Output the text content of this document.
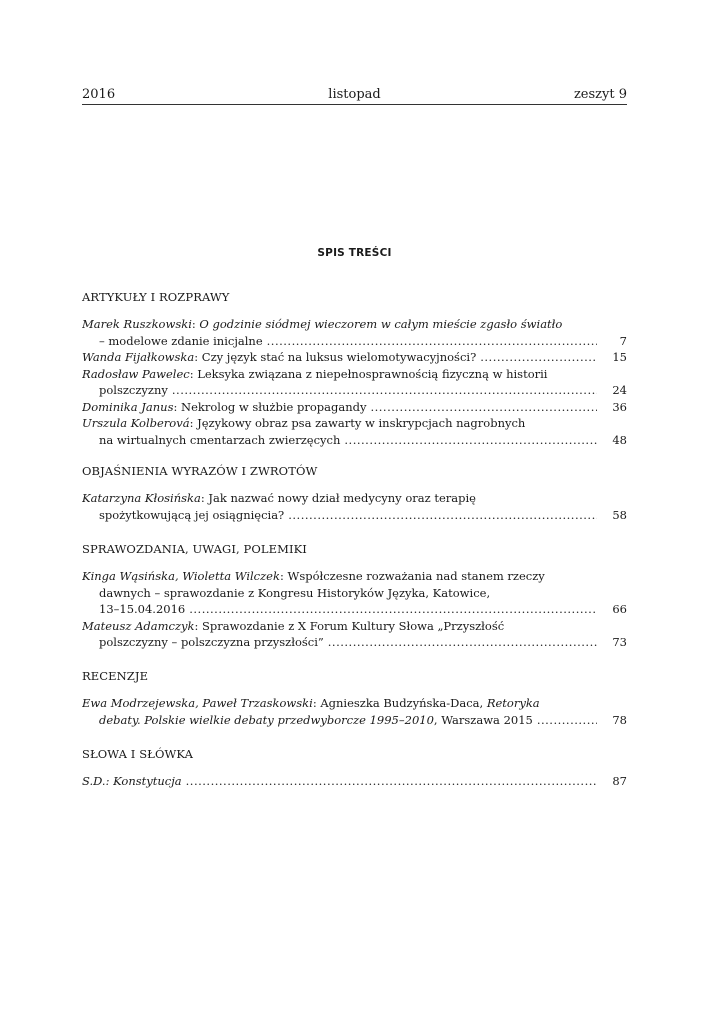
2016	listopad	zeszyt 9
SPIS TREŚCI
ARTYKUŁY I ROZPRAWY
Marek Ruszkowski: O godzinie siódmej wieczorem w całym mieście zgasło światło
– modelowe zdanie inicjalne .....	7
Wanda Fijałkowska: Czy język stać na luksus wielomotywacyjności? .....	15
Radosław Pawelec: Leksyka związana z niepełnosprawnością fizyczną w historii
polszczyzny .....	24
Dominika Janus: Nekrolog w służbie propagandy .....	36
Urszula Kolberová: Językowy obraz psa zawarty w inskrypcjach nagrobnych
na wirtualnych cmentarzach zwierzęcych .....	48
OBJAŚNIENIA WYRAZÓW I ZWROTÓW
Katarzyna Kłosińska: Jak nazwać nowy dział medycyny oraz terapię
spożytkowującą jej osiągnięcia? .....	58
SPRAWOZDANIA, UWAGI, POLEMIKI
Kinga Wąsińska, Wioletta Wilczek: Współczesne rozważania nad stanem rzeczy
dawnych – sprawozdanie z Kongresu Historyków Języka, Katowice,
13–15.04.2016 .....	66
Mateusz Adamczyk: Sprawozdanie z X Forum Kultury Słowa „Przyszłość
polszczyzny – polszczyzna przyszłości” .....	73
RECENZJE
Ewa Modrzejewska, Paweł Trzaskowski: Agnieszka Budzyńska-Daca, Retoryka
debaty. Polskie wielkie debaty przedwyborcze 1995–2010, Warszawa 2015 .....	78
SŁOWA I SŁÓWKA
S.D.: Konstytucja .....	87
